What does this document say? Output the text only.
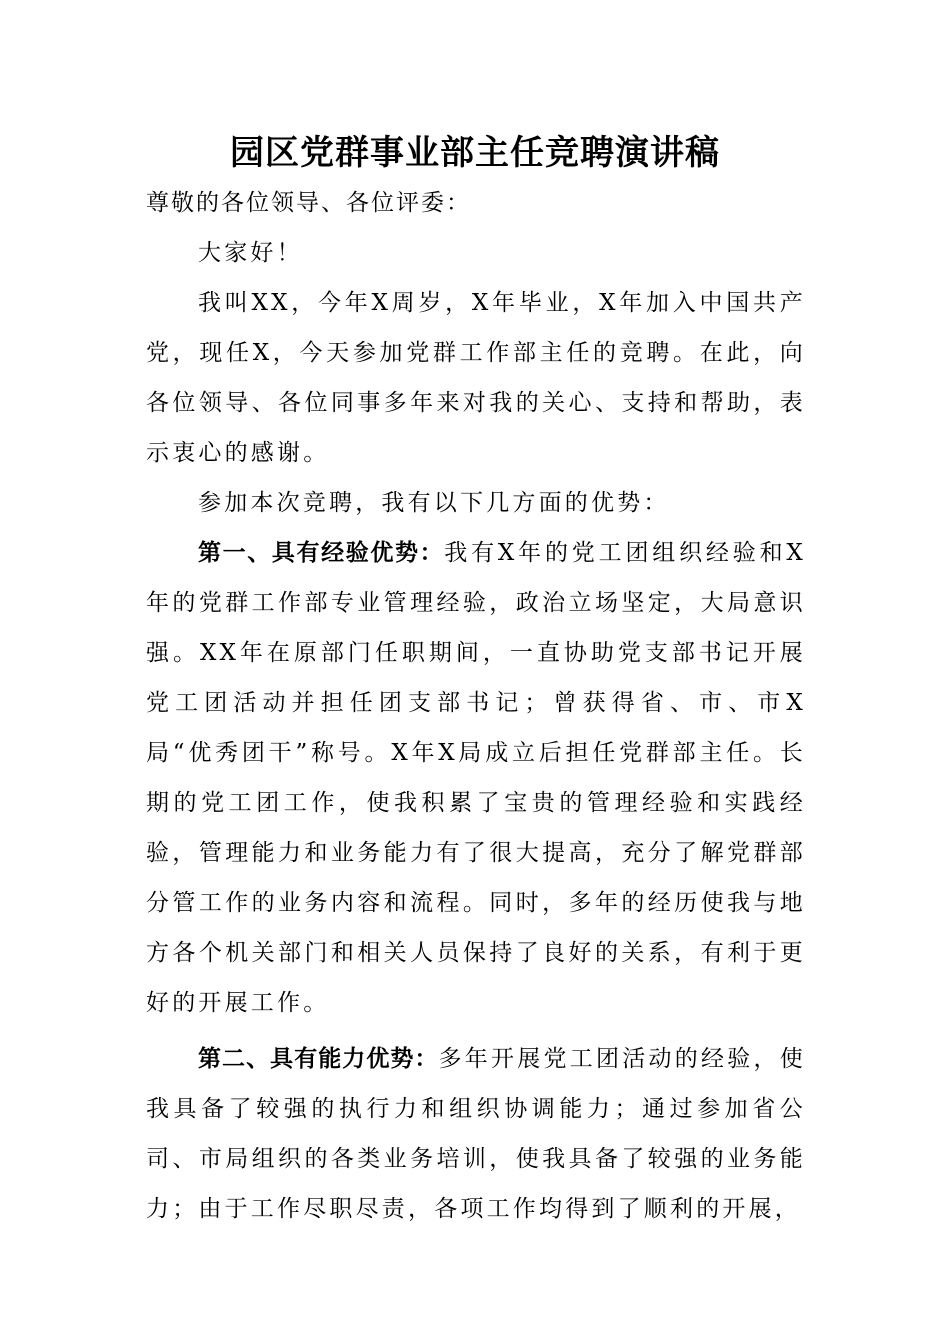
园区党群事业部主任竞聘演讲稿

尊敬的各位领导、各位评委：

大家好！

我叫XX，今年X周岁，X年毕业，X年加入中国共产党，现任X，今天参加党群工作部主任的竞聘。在此，向各位领导、各位同事多年来对我的关心、支持和帮助，表示衷心的感谢。

参加本次竞聘，我有以下几方面的优势：

第一、具有经验优势：我有X年的党工团组织经验和X年的党群工作部专业管理经验，政治立场坚定，大局意识强。XX年在原部门任职期间，一直协助党支部书记开展党工团活动并担任团支部书记；曾获得省、市、市X局“优秀团干”称号。X年X局成立后担任党群部主任。长期的党工团工作，使我积累了宝贵的管理经验和实践经验，管理能力和业务能力有了很大提高，充分了解党群部分管工作的业务内容和流程。同时，多年的经历使我与地方各个机关部门和相关人员保持了良好的关系，有利于更好的开展工作。

第二、具有能力优势：多年开展党工团活动的经验，使我具备了较强的执行力和组织协调能力；通过参加省公司、市局组织的各类业务培训，使我具备了较强的业务能力；由于工作尽职尽责，各项工作均得到了顺利的开展，
